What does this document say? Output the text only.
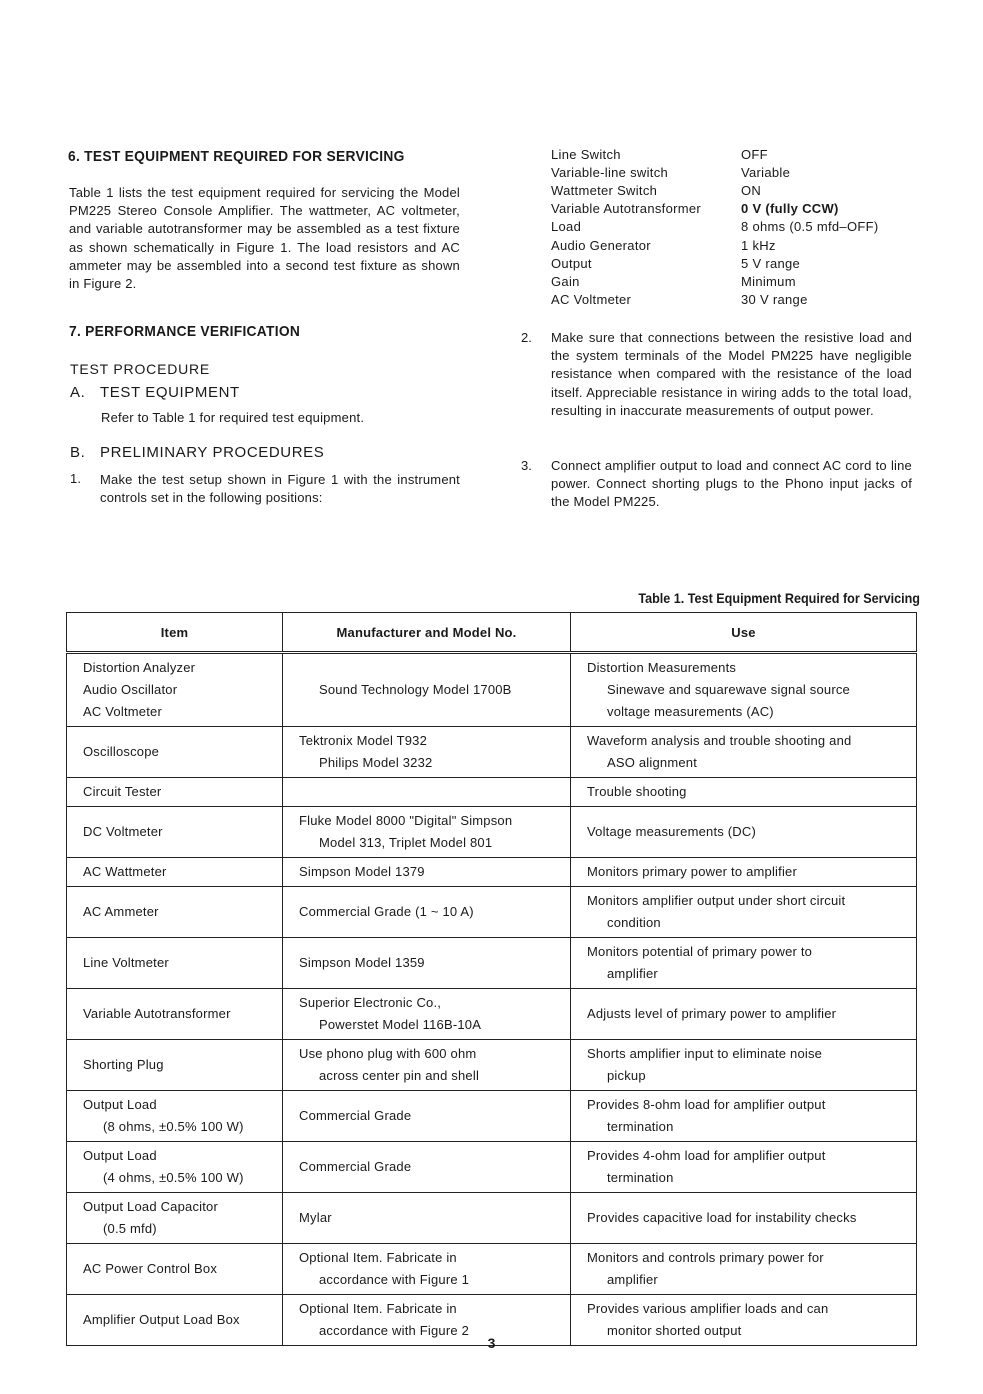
6. TEST EQUIPMENT REQUIRED FOR SERVICING
Table 1 lists the test equipment required for servicing the Model PM225 Stereo Console Amplifier. The wattmeter, AC voltmeter, and variable autotransformer may be assembled as a test fixture as shown schematically in Figure 1. The load resistors and AC ammeter may be assembled into a second test fixture as shown in Figure 2.
7. PERFORMANCE VERIFICATION
TEST PROCEDURE
A. TEST EQUIPMENT
Refer to Table 1 for required test equipment.
B. PRELIMINARY PROCEDURES
1. Make the test setup shown in Figure 1 with the instrument controls set in the following positions:
Line Switch	OFF
Variable-line switch	Variable
Wattmeter Switch	ON
Variable Autotransformer	0 V (fully CCW)
Load	8 ohms (0.5 mfd–OFF)
Audio Generator	1 kHz
Output	5 V range
Gain	Minimum
AC Voltmeter	30 V range
2. Make sure that connections between the resistive load and the system terminals of the Model PM225 have negligible resistance when compared with the resistance of the load itself. Appreciable resistance in wiring adds to the total load, resulting in inaccurate measurements of output power.
3. Connect amplifier output to load and connect AC cord to line power. Connect shorting plugs to the Phono input jacks of the Model PM225.
Table 1. Test Equipment Required for Servicing
Item	Manufacturer and Model No.	Use

Distortion Analyzer
Audio Oscillator
AC Voltmeter	Sound Technology Model 1700B	Distortion Measurements
Sinewave and squarewave signal source
voltage measurements (AC)

Oscilloscope	Tektronix Model T932
Philips Model 3232	Waveform analysis and trouble shooting and
ASO alignment

Circuit Tester		Trouble shooting

DC Voltmeter	Fluke Model 8000 "Digital" Simpson
Model 313, Triplet Model 801	Voltage measurements (DC)

AC Wattmeter	Simpson Model 1379	Monitors primary power to amplifier

AC Ammeter	Commercial Grade (1 ~ 10 A)	Monitors amplifier output under short circuit
condition

Line Voltmeter	Simpson Model 1359	Monitors potential of primary power to
amplifier

Variable Autotransformer	Superior Electronic Co.,
Powerstet Model 116B-10A	Adjusts level of primary power to amplifier

Shorting Plug	Use phono plug with 600 ohm
across center pin and shell	Shorts amplifier input to eliminate noise
pickup

Output Load
(8 ohms, ±0.5% 100 W)	Commercial Grade	Provides 8-ohm load for amplifier output
termination

Output Load
(4 ohms, ±0.5% 100 W)	Commercial Grade	Provides 4-ohm load for amplifier output
termination

Output Load Capacitor
(0.5 mfd)	Mylar	Provides capacitive load for instability checks

AC Power Control Box	Optional Item. Fabricate in
accordance with Figure 1	Monitors and controls primary power for
amplifier

Amplifier Output Load Box	Optional Item. Fabricate in
accordance with Figure 2	Provides various amplifier loads and can
monitor shorted output
3
